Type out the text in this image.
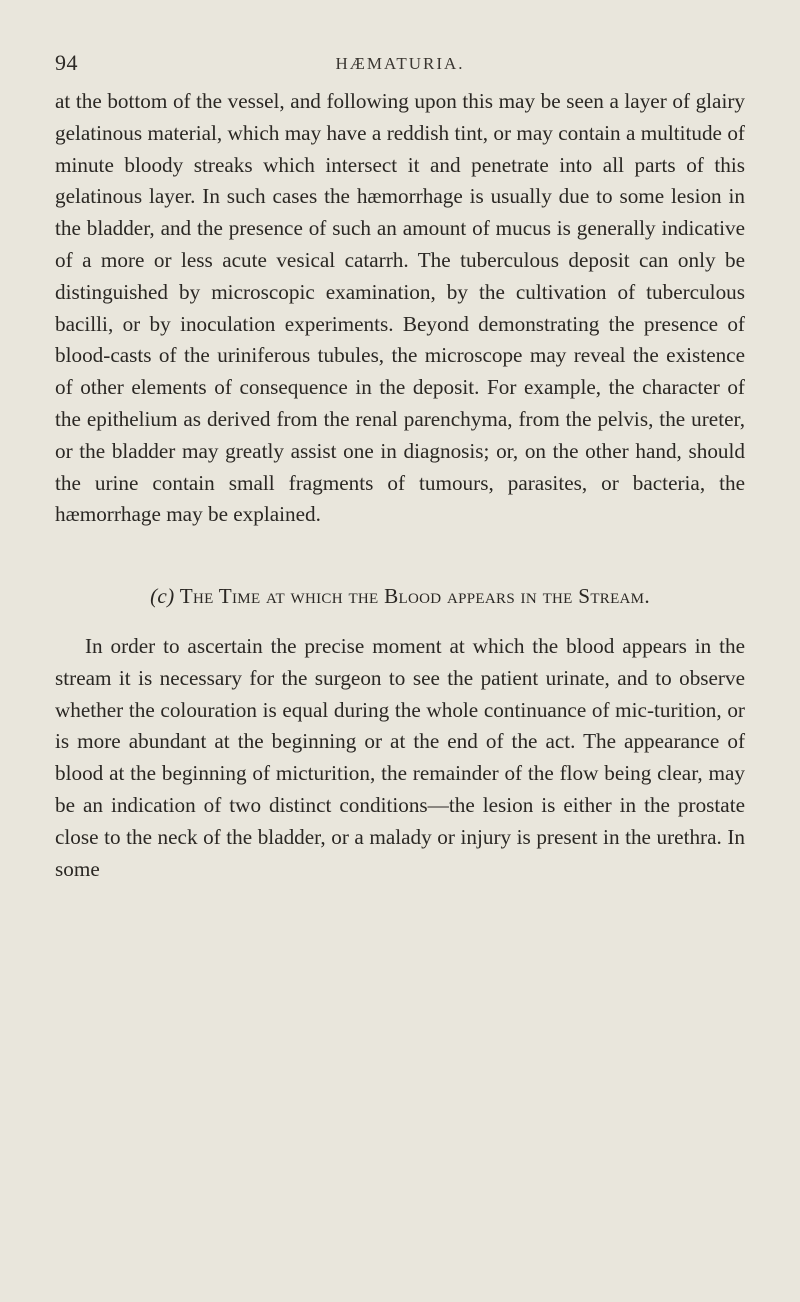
94	HÆMATURIA.

at the bottom of the vessel, and following upon this may be seen a layer of glairy gelatinous material, which may have a reddish tint, or may contain a multitude of minute bloody streaks which intersect it and penetrate into all parts of this gelatinous layer. In such cases the hæmorrhage is usually due to some lesion in the bladder, and the presence of such an amount of mucus is generally indicative of a more or less acute vesical catarrh. The tuberculous deposit can only be distinguished by microscopic examination, by the cultivation of tuberculous bacilli, or by inoculation experiments. Beyond demonstrating the presence of blood-casts of the uriniferous tubules, the microscope may reveal the existence of other elements of consequence in the deposit. For example, the character of the epithelium as derived from the renal parenchyma, from the pelvis, the ureter, or the bladder may greatly assist one in diagnosis; or, on the other hand, should the urine contain small fragments of tumours, parasites, or bacteria, the hæmorrhage may be explained.

(c) The Time at which the Blood appears in the Stream.

In order to ascertain the precise moment at which the blood appears in the stream it is necessary for the surgeon to see the patient urinate, and to observe whether the colouration is equal during the whole continuance of mic-turition, or is more abundant at the beginning or at the end of the act. The appearance of blood at the beginning of micturition, the remainder of the flow being clear, may be an indication of two distinct conditions—the lesion is either in the prostate close to the neck of the bladder, or a malady or injury is present in the urethra. In some
